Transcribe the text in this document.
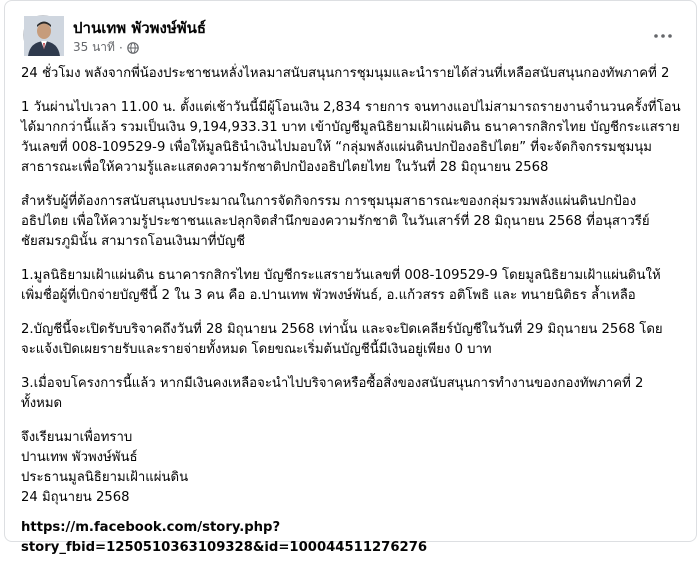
ปานเทพ พัวพงษ์พันธ์
35 นาที ·

24 ชั่วโมง พลังจากพี่น้องประชาชนหลั่งไหลมาสนับสนุนการชุมนุมและนำรายได้ส่วนที่เหลือสนับสนุนกองทัพภาคที่ 2

1 วันผ่านไปเวลา 11.00 น. ตั้งแต่เช้าวันนี้มีผู้โอนเงิน 2,834 รายการ จนทางแอปไม่สามารถรายงานจำนวนครั้งที่โอนได้มากกว่านี้แล้ว รวมเป็นเงิน 9,194,933.31 บาท เข้าบัญชีมูลนิธิยามเฝ้าแผ่นดิน ธนาคารกสิกรไทย บัญชีกระแสรายวันเลขที่ 008-109529-9 เพื่อให้มูลนิธินำเงินไปมอบให้ “กลุ่มพลังแผ่นดินปกป้องอธิปไตย” ที่จะจัดกิจกรรมชุมนุมสาธารณะเพื่อให้ความรู้และแสดงความรักชาติปกป้องอธิปไตยไทย ในวันที่ 28 มิถุนายน 2568

สำหรับผู้ที่ต้องการสนับสนุนงบประมาณในการจัดกิจกรรม การชุมนุมสาธารณะของกลุ่มรวมพลังแผ่นดินปกป้องอธิปไตย เพื่อให้ความรู้ประชาชนและปลุกจิตสำนึกของความรักชาติ ในวันเสาร์ที่ 28 มิถุนายน 2568 ที่อนุสาวรีย์ชัยสมรภูมินั้น สามารถโอนเงินมาที่บัญชี

1.มูลนิธิยามเฝ้าแผ่นดิน ธนาคารกสิกรไทย บัญชีกระแสรายวันเลขที่ 008-109529-9 โดยมูลนิธิยามเฝ้าแผ่นดินให้เพิ่มชื่อผู้ที่เบิกจ่ายบัญชีนี้ 2 ใน 3 คน คือ อ.ปานเทพ พัวพงษ์พันธ์, อ.แก้วสรร อติโพธิ และ ทนายนิติธร ล้ำเหลือ

2.บัญชีนี้จะเปิดรับบริจาคถึงวันที่ 28 มิถุนายน 2568 เท่านั้น และจะปิดเคลียร์บัญชีในวันที่ 29 มิถุนายน 2568 โดยจะแจ้งเปิดเผยรายรับและรายจ่ายทั้งหมด โดยขณะเริ่มต้นบัญชีนี้มีเงินอยู่เพียง 0 บาท

3.เมื่อจบโครงการนี้แล้ว หากมีเงินคงเหลือจะนำไปบริจาคหรือซื้อสิ่งของสนับสนุนการทำงานของกองทัพภาคที่ 2 ทั้งหมด

จึงเรียนมาเพื่อทราบ
ปานเทพ พัวพงษ์พันธ์
ประธานมูลนิธิยามเฝ้าแผ่นดิน
24 มิถุนายน 2568

https://m.facebook.com/story.php?story_fbid=1250510363109328&id=100044511276276
